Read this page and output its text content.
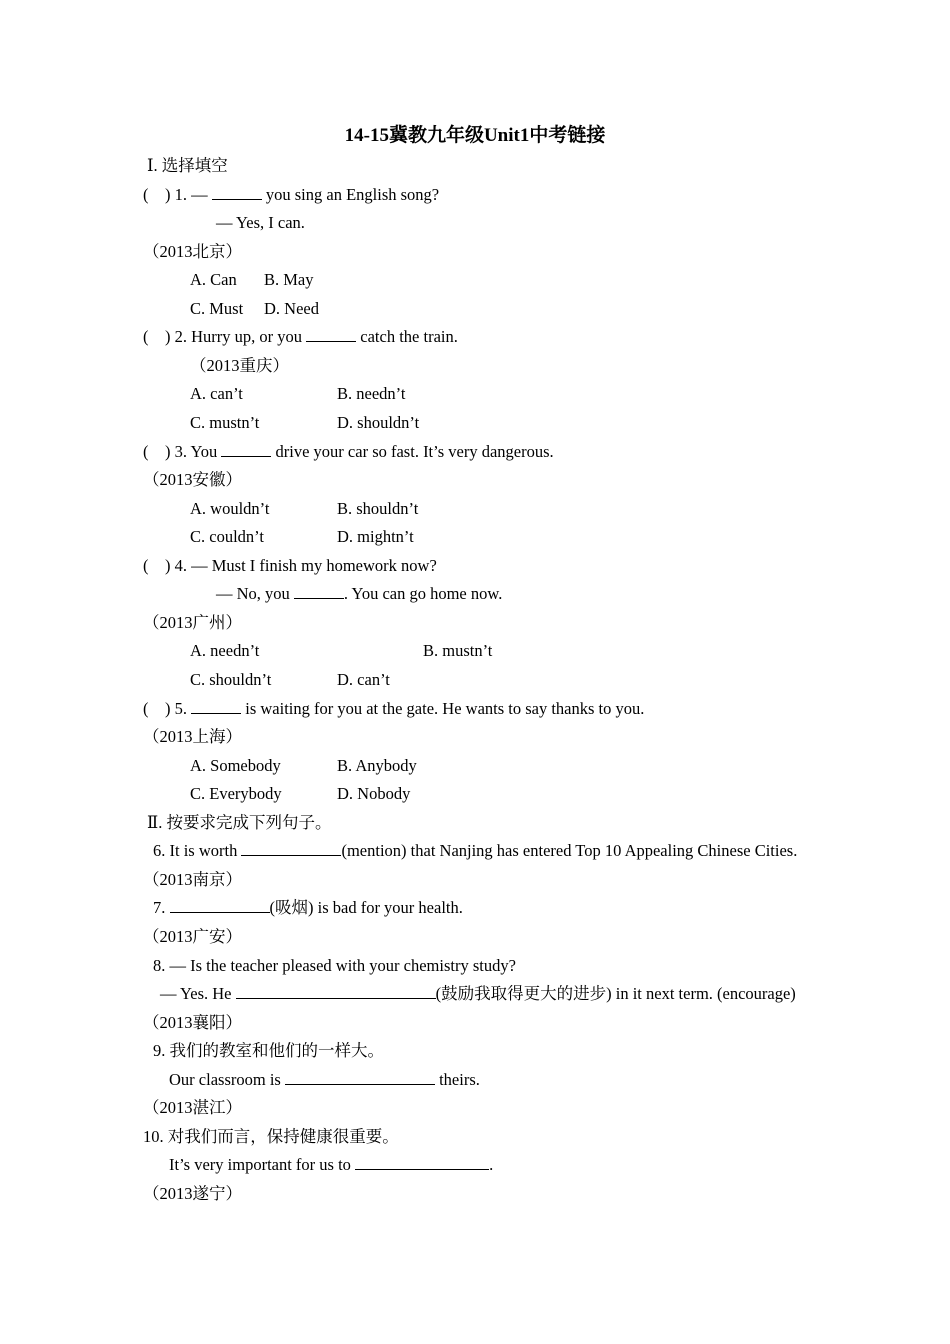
14-15冀教九年级Unit1中考链接
Ⅰ. 选择填空
(　) 1. —	you sing an English song?
— Yes, I can.
（2013北京）
A. Can B. May
C. Must D. Need
(　) 2. Hurry up, or you	catch the train.
（2013重庆）
A. can’t	B. needn’t
C. mustn’t	D. shouldn’t
(　) 3. You	drive your car so fast. It’s very dangerous.
（2013安徽）
A. wouldn’t	B. shouldn’t
C. couldn’t	D. mightn’t
(　) 4. — Must I finish my homework now?
— No, you	. You can go home now.
（2013广州）
A. needn’t	B. mustn’t
C. shouldn’t	D. can’t
(　) 5.	is waiting for you at the gate. He wants to say thanks to you.
（2013上海）
A. Somebody	B. Anybody
C. Everybody	D. Nobody
Ⅱ. 按要求完成下列句子。
6. It is worth	(mention) that Nanjing has entered Top 10 Appealing Chinese Cities.
（2013南京）
7.	(吸烟) is bad for your health.
（2013广安）
8. — Is the teacher pleased with your chemistry study?
— Yes. He	(鼓励我取得更大的进步) in it next term. (encourage)
（2013襄阳）
9. 我们的教室和他们的一样大。
Our classroom is	theirs.
（2013湛江）
10. 对我们而言，保持健康很重要。
It’s very important for us to	.
（2013遂宁）
